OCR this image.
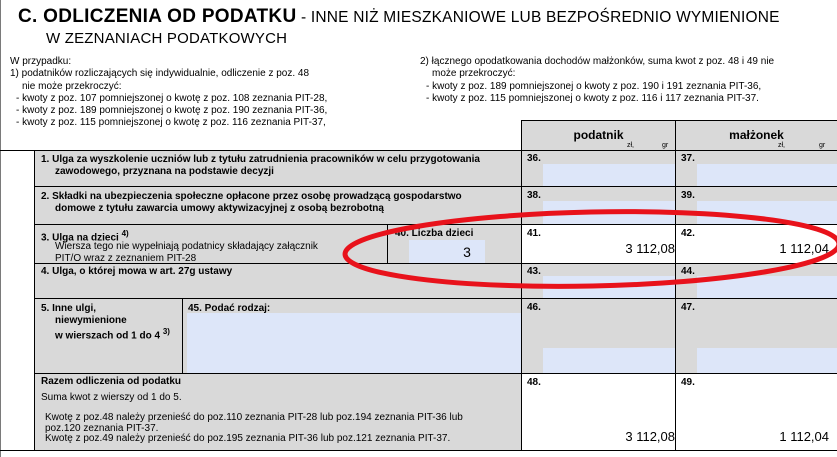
C. ODLICZENIA OD PODATKU - INNE NIŻ MIESZKANIOWE LUB BEZPOŚREDNIO WYMIENIONE
W ZEZNANIACH PODATKOWYCH
W przypadku:
1) podatników rozliczających się indywidualnie, odliczenie z poz. 48
nie może przekroczyć:
- kwoty z poz. 107 pomniejszonej o kwotę z poz. 108 zeznania PIT-28,
- kwoty z poz. 189 pomniejszonej o kwotę z poz. 190 zeznania PIT-36,
- kwoty z poz. 115 pomniejszonej o kwotę z poz. 116 zeznania PIT-37,
2) łącznego opodatkowania dochodów małżonków, suma kwot z poz. 48 i 49 nie
może przekroczyć:
- kwoty z poz. 189 pomniejszonej o kwoty z poz. 190 i 191 zeznania PIT-36,
- kwoty z poz. 115 pomniejszonej o kwoty z poz. 116 i 117 zeznania PIT-37.
podatnik	małżonek
zł,	gr	zł,	gr
1. Ulga za wyszkolenie uczniów lub z tytułu zatrudnienia pracowników w celu przygotowania
zawodowego, przyznana na podstawie decyzji
36.	37.
2. Składki na ubezpieczenia społeczne opłacone przez osobę prowadzącą gospodarstwo
domowe z tytułu zawarcia umowy aktywizacyjnej z osobą bezrobotną
38.	39.
3. Ulga na dzieci $^{4)}$
Wiersza tego nie wypełniają podatnicy składający załącznik
PIT/O wraz z zeznaniem PIT-28
40. Liczba dzieci
3
41.	42.
3 112,08	1 112,04
4. Ulga, o której mowa w art. 27g ustawy	43.	44.
5. Inne ulgi,
niewymienione
w wierszach od 1 do 4 $^{3)}$
45. Podać rodzaj:	46.	47.
Razem odliczenia od podatku
Suma kwot z wierszy od 1 do 5.
Kwotę z poz.48 należy przenieść do poz.110 zeznania PIT-28 lub poz.194 zeznania PIT-36 lub
poz.120 zeznania PIT-37.
Kwotę z poz.49 należy przenieść do poz.195 zeznania PIT-36 lub poz.121 zeznania PIT-37.
48.	49.
3 112,08	1 112,04
